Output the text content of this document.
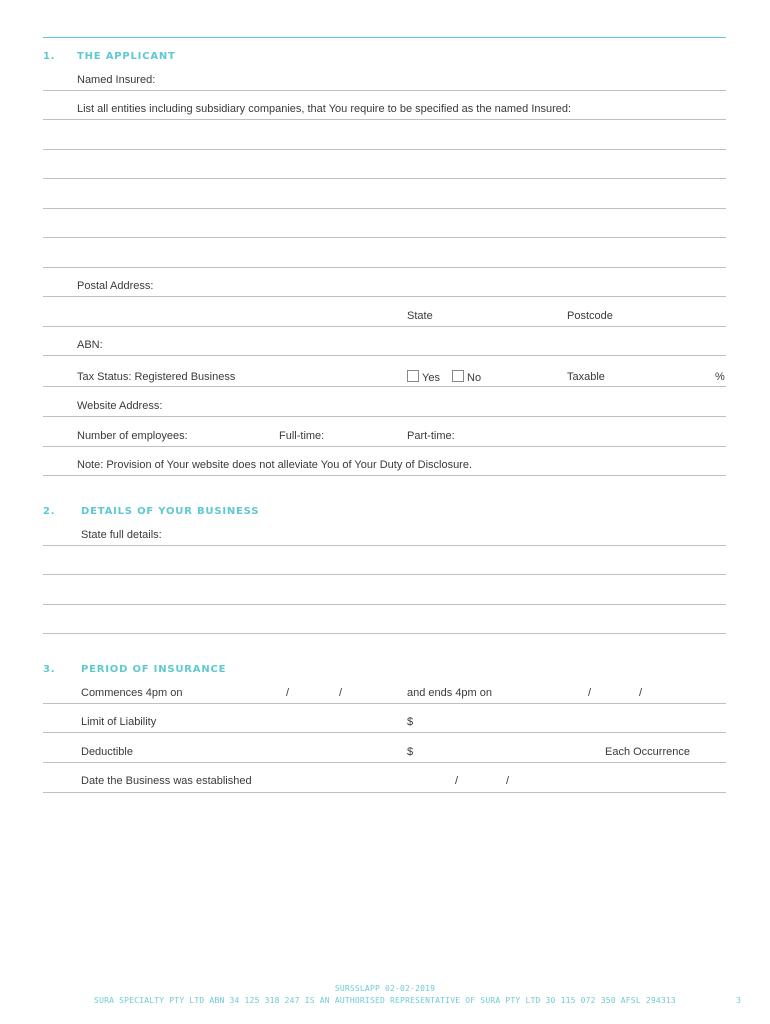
1. THE APPLICANT
Named Insured:
List all entities including subsidiary companies, that You require to be specified as the named Insured:
Postal Address:
State	Postcode
ABN:
Tax Status: Registered Business	Yes	No	Taxable	%
Website Address:
Number of employees:	Full-time:	Part-time:
Note: Provision of Your website does not alleviate You of Your Duty of Disclosure.
2.	DETAILS OF YOUR BUSINESS
State full details:
3.	PERIOD OF INSURANCE
Commences 4pm on	/	/	and ends 4pm on	/	/
Limit of Liability	$
Deductible	$	Each Occurrence
Date the Business was established	/	/
SURSSLAPP 02-02-2019
SURA SPECIALTY PTY LTD ABN 34 125 318 247 IS AN AUTHORISED REPRESENTATIVE OF SURA PTY LTD 30 115 072 350 AFSL 294313	3
